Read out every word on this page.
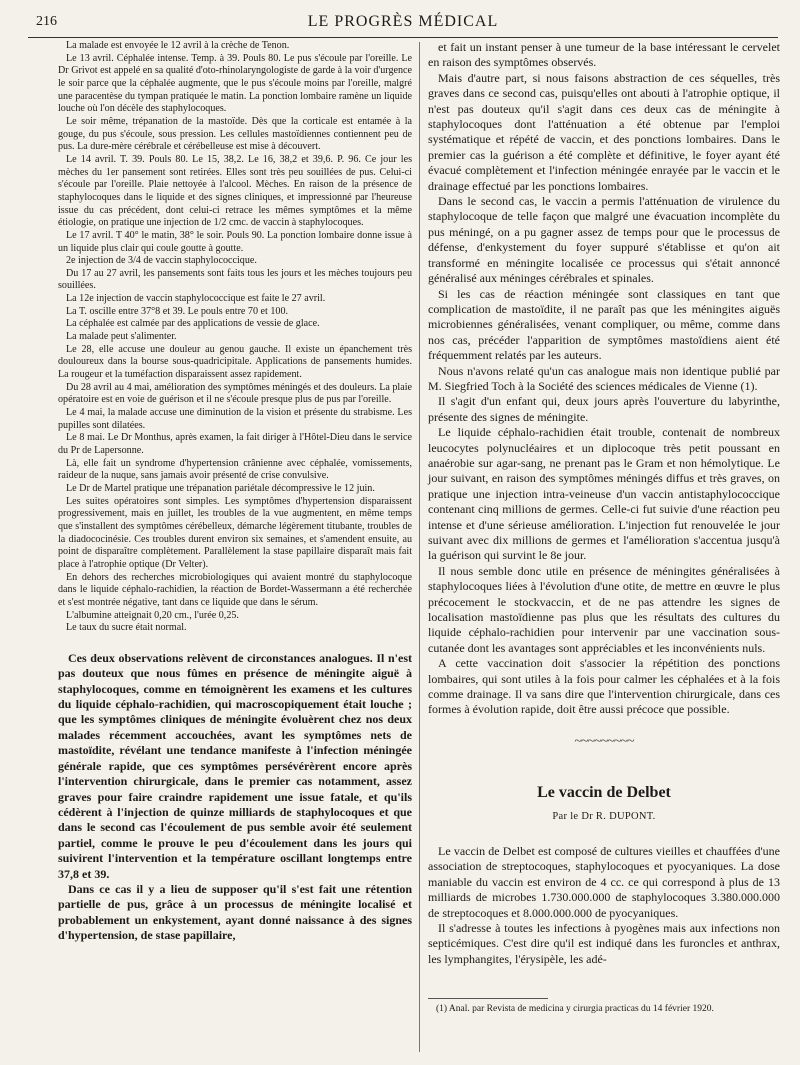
216	LE PROGRÈS MÉDICAL

La malade est envoyée le 12 avril à la crèche de Tenon.

Le 13 avril. Céphalée intense. Temp. à 39. Pouls 80. Le pus s'écoule par l'oreille. Le Dr Grivot est appelé en sa qualité d'oto-rhinolaryngologiste de garde à la voir d'urgence le soir parce que la céphalée augmente, que le pus s'écoule moins par l'oreille, malgré une paracentèse du tympan pratiquée le matin. La ponction lombaire ramène un liquide louche où l'on décèle des staphylocoques.

Le soir même, trépanation de la mastoïde. Dès que la corticale est entamée à la gouge, du pus s'écoule, sous pression. Les cellules mastoïdiennes contiennent peu de pus. La dure-mère cérébrale et cérébelleuse est mise à découvert.

Le 14 avril. T. 39. Pouls 80. Le 15, 38,2. Le 16, 38,2 et 39,6. P. 96. Ce jour les mèches du 1er pansement sont retirées. Elles sont très peu souillées de pus. Celui-ci s'écoule par l'oreille. Plaie nettoyée à l'alcool. Mèches. En raison de la présence de staphylocoques dans le liquide et des signes cliniques, et impressionné par l'heureuse issue du cas précédent, dont celui-ci retrace les mêmes symptômes et la même étiologie, on pratique une injection de 1/2 cmc. de vaccin à staphylocoques.

Le 17 avril. T 40° le matin, 38° le soir. Pouls 90. La ponction lombaire donne issue à un liquide plus clair qui coule goutte à goutte.

2e injection de 3/4 de vaccin staphylococcique.

Du 17 au 27 avril, les pansements sont faits tous les jours et les mèches toujours peu souillées.

La 12e injection de vaccin staphylococcique est faite le 27 avril.

La T. oscille entre 37°8 et 39. Le pouls entre 70 et 100.

La céphalée est calmée par des applications de vessie de glace.

La malade peut s'alimenter.

Le 28, elle accuse une douleur au genou gauche. Il existe un épanchement très douloureux dans la bourse sous-quadricipitale. Applications de pansements humides. La rougeur et la tuméfaction disparaissent assez rapidement.

Du 28 avril au 4 mai, amélioration des symptômes méningés et des douleurs. La plaie opératoire est en voie de guérison et il ne s'écoule presque plus de pus par l'oreille.

Le 4 mai, la malade accuse une diminution de la vision et présente du strabisme. Les pupilles sont dilatées.

Le 8 mai. Le Dr Monthus, après examen, la fait diriger à l'Hôtel-Dieu dans le service du Pr de Lapersonne.

Là, elle fait un syndrome d'hypertension crânienne avec céphalée, vomissements, raideur de la nuque, sans jamais avoir présenté de crise convulsive.

Le Dr de Martel pratique une trépanation pariétale décompressive le 12 juin.

Les suites opératoires sont simples. Les symptômes d'hypertension disparaissent progressivement, mais en juillet, les troubles de la vue augmentent, en même temps que s'installent des symptômes cérébelleux, démarche légèrement titubante, troubles de la diadococinésie. Ces troubles durent environ six semaines, et s'amendent ensuite, au point de disparaître complètement. Parallèlement la stase papillaire disparaît mais fait place à l'atrophie optique (Dr Velter).

En dehors des recherches microbiologiques qui avaient montré du staphylocoque dans le liquide céphalo-rachidien, la réaction de Bordet-Wassermann a été recherchée et s'est montrée négative, tant dans ce liquide que dans le sérum.

L'albumine atteignait 0,20 cm., l'urée 0,25.

Le taux du sucre était normal.

Ces deux observations relèvent de circonstances analogues. Il n'est pas douteux que nous fûmes en présence de méningite aiguë à staphylocoques, comme en témoignèrent les examens et les cultures du liquide céphalo-rachidien, qui macroscopiquement était louche ; que les symptômes cliniques de méningite évoluèrent chez nos deux malades récemment accouchées, avant les symptômes nets de mastoïdite, révélant une tendance manifeste à l'infection méningée générale rapide, que ces symptômes persévérèrent encore après l'intervention chirurgicale, dans le premier cas notamment, assez graves pour faire craindre rapidement une issue fatale, et qu'ils cédèrent à l'injection de quinze milliards de staphylocoques et que dans le second cas l'écoulement de pus semble avoir été seulement partiel, comme le prouve le peu d'écoulement dans les jours qui suivirent l'intervention et la température oscillant longtemps entre 37,8 et 39.

Dans ce cas il y a lieu de supposer qu'il s'est fait une rétention partielle de pus, grâce à un processus de méningite localisé et probablement un enkystement, ayant donné naissance à des signes d'hypertension, de stase papillaire,

et fait un instant penser à une tumeur de la base intéressant le cervelet en raison des symptômes observés.

Mais d'autre part, si nous faisons abstraction de ces séquelles, très graves dans ce second cas, puisqu'elles ont abouti à l'atrophie optique, il n'est pas douteux qu'il s'agit dans ces deux cas de méningite à staphylocoques dont l'atténuation a été obtenue par l'emploi systématique et répété de vaccin, et des ponctions lombaires. Dans le premier cas la guérison a été complète et définitive, le foyer ayant été évacué complètement et l'infection méningée enrayée par le vaccin et le drainage effectué par les ponctions lombaires.

Dans le second cas, le vaccin a permis l'atténuation de virulence du staphylocoque de telle façon que malgré une évacuation incomplète du pus méningé, on a pu gagner assez de temps pour que le processus de défense, d'enkystement du foyer suppuré s'établisse et qu'on ait transformé en méningite localisée ce processus qui s'était annoncé généralisé aux méninges cérébrales et spinales.

Si les cas de réaction méningée sont classiques en tant que complication de mastoïdite, il ne paraît pas que les méningites aiguës microbiennes généralisées, venant compliquer, ou même, comme dans nos cas, précéder l'apparition de symptômes mastoïdiens aient été fréquemment relatés par les auteurs.

Nous n'avons relaté qu'un cas analogue mais non identique publié par M. Siegfried Toch à la Société des sciences médicales de Vienne (1).

Il s'agit d'un enfant qui, deux jours après l'ouverture du labyrinthe, présente des signes de méningite.

Le liquide céphalo-rachidien était trouble, contenait de nombreux leucocytes polynucléaires et un diplocoque très petit poussant en anaérobie sur agar-sang, ne prenant pas le Gram et non hémolytique. Le jour suivant, en raison des symptômes méningés diffus et très graves, on pratique une injection intra-veineuse d'un vaccin antistaphylococcique contenant cinq millions de germes. Celle-ci fut suivie d'une réaction peu intense et d'une sérieuse amélioration. L'injection fut renouvelée le jour suivant avec dix millions de germes et l'amélioration s'accentua jusqu'à la guérison qui survint le 8e jour.

Il nous semble donc utile en présence de méningites généralisées à staphylocoques liées à l'évolution d'une otite, de mettre en œuvre le plus précocement le stockvaccin, et de ne pas attendre les signes de localisation mastoïdienne pas plus que les résultats des cultures du liquide céphalo-rachidien pour intervenir par une vaccination sous-cutanée dont les avantages sont appréciables et les inconvénients nuls.

A cette vaccination doit s'associer la répétition des ponctions lombaires, qui sont utiles à la fois pour calmer les céphalées et à la fois comme drainage. Il va sans dire que l'intervention chirurgicale, dans ces formes à évolution rapide, doit être aussi précoce que possible.

~~~~~~~~~
Le vaccin de Delbet
Par le Dr R. DUPONT.

Le vaccin de Delbet est composé de cultures vieilles et chauffées d'une association de streptocoques, staphylocoques et pyocyaniques. La dose maniable du vaccin est environ de 4 cc. ce qui correspond à plus de 13 milliards de microbes 1.730.000.000 de staphylocoques 3.380.000.000 de streptocoques et 8.000.000.000 de pyocyaniques.

Il s'adresse à toutes les infections à pyogènes mais aux infections non septicémiques. C'est dire qu'il est indiqué dans les furoncles et anthrax, les lymphangites, l'érysipèle, les adé-

(1) Anal. par Revista de medicina y cirurgia practicas du 14 février 1920.
